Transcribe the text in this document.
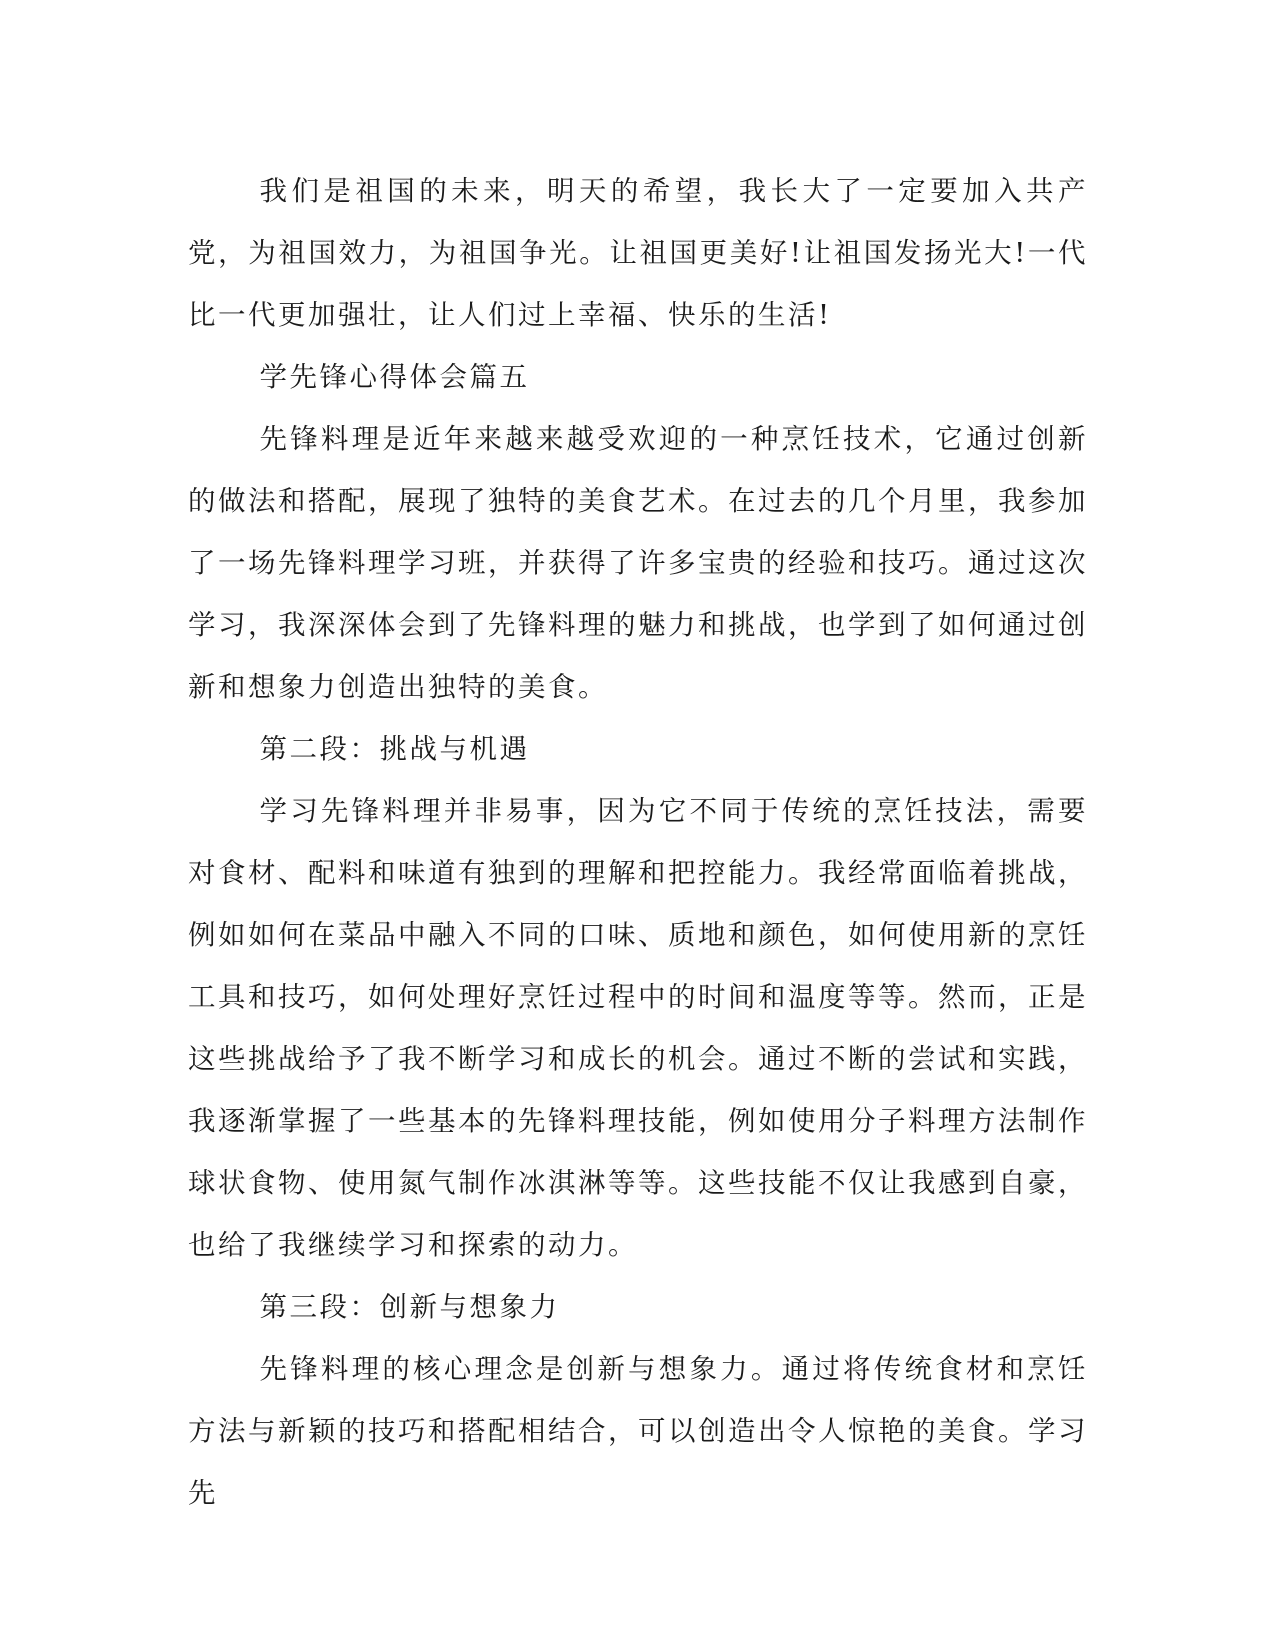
我们是祖国的未来，明天的希望，我长大了一定要加入共产党，为祖国效力，为祖国争光。让祖国更美好!让祖国发扬光大!一代比一代更加强壮，让人们过上幸福、快乐的生活!

学先锋心得体会篇五

先锋料理是近年来越来越受欢迎的一种烹饪技术，它通过创新的做法和搭配，展现了独特的美食艺术。在过去的几个月里，我参加了一场先锋料理学习班，并获得了许多宝贵的经验和技巧。通过这次学习，我深深体会到了先锋料理的魅力和挑战，也学到了如何通过创新和想象力创造出独特的美食。

第二段：挑战与机遇

学习先锋料理并非易事，因为它不同于传统的烹饪技法，需要对食材、配料和味道有独到的理解和把控能力。我经常面临着挑战，例如如何在菜品中融入不同的口味、质地和颜色，如何使用新的烹饪工具和技巧，如何处理好烹饪过程中的时间和温度等等。然而，正是这些挑战给予了我不断学习和成长的机会。通过不断的尝试和实践，我逐渐掌握了一些基本的先锋料理技能，例如使用分子料理方法制作球状食物、使用氮气制作冰淇淋等等。这些技能不仅让我感到自豪，也给了我继续学习和探索的动力。

第三段：创新与想象力

先锋料理的核心理念是创新与想象力。通过将传统食材和烹饪方法与新颖的技巧和搭配相结合，可以创造出令人惊艳的美食。学习先
